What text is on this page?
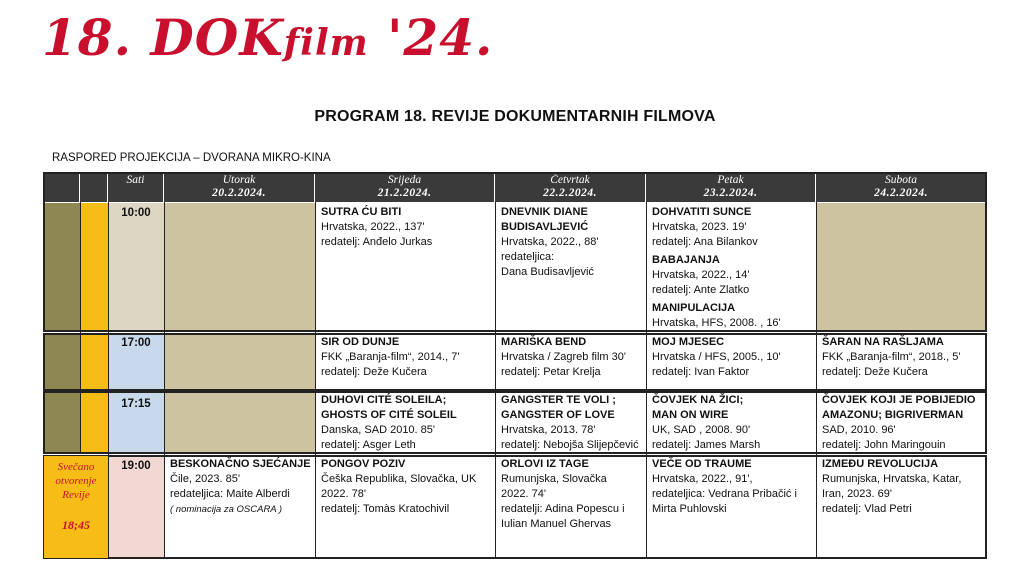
18. DOKfilm '24.
PROGRAM 18. REVIJE DOKUMENTARNIH FILMOVA
RASPORED PROJEKCIJA – DVORANA MIKRO-KINA
Sati	Utorak
20.2.2024.
Srijeda
21.2.2024.
Četvrtak
22.2.2024.
Petak
23.2.2024.
Subota
24.2.2024.
10:00
17:00
17:15
19:00
Svečano
otvorenje
Revije
18;45
SUTRA ĆU BITI
Hrvatska, 2022., 137'
redatelj: Anđelo Jurkas
DNEVNIK DIANE
BUDISAVLJEVIĆ
Hrvatska, 2022., 88'
redateljica:
Dana Budisavljević
DOHVATITI SUNCE
Hrvatska, 2023. 19'
redatelj: Ana Bilankov
BABAJANJA
Hrvatska, 2022., 14'
redatelj: Ante Zlatko
MANIPULACIJA
Hrvatska, HFS, 2008. , 16'
SIR OD DUNJE
FKK „Baranja-film“, 2014., 7'
redatelj: Deže Kučera
MARIŠKA BEND
Hrvatska / Zagreb film 30'
redatelj: Petar Krelja
MOJ MJESEC
Hrvatska / HFS, 2005., 10'
redatelj: Ivan Faktor
ŠARAN NA RAŠLJAMA
FKK „Baranja-film“, 2018., 5'
redatelj: Deže Kučera
DUHOVI CITÉ SOLEILA;
GHOSTS OF CITÉ SOLEIL
Danska, SAD 2010. 85'
redatelj: Asger Leth
GANGSTER TE VOLI ;
GANGSTER OF LOVE
Hrvatska, 2013. 78'
redatelj: Nebojša Slijepčević
ČOVJEK NA ŽICI;
MAN ON WIRE
UK, SAD , 2008. 90'
redatelj: James Marsh
ČOVJEK KOJI JE POBIJEDIO
AMAZONU; BIGRIVERMAN
SAD, 2010. 96'
redatelj: John Maringouin
BESKONAČNO SJEĆANJE
Čile, 2023. 85'
redateljica: Maite Alberdi
( nominacija za OSCARA )
PONGOV POZIV
Češka Republika, Slovačka, UK
2022. 78'
redatelj: Tomàs Kratochivil
ORLOVI IZ TAGE
Rumunjska, Slovačka
2022. 74'
redatelji: Adina Popescu i
Iulian Manuel Ghervas
VEČE OD TRAUME
Hrvatska, 2022., 91',
redateljica: Vedrana Pribačić i
Mirta Puhlovski
IZMEĐU REVOLUCIJA
Rumunjska, Hrvatska, Katar,
Iran, 2023. 69'
redatelj: Vlad Petri
